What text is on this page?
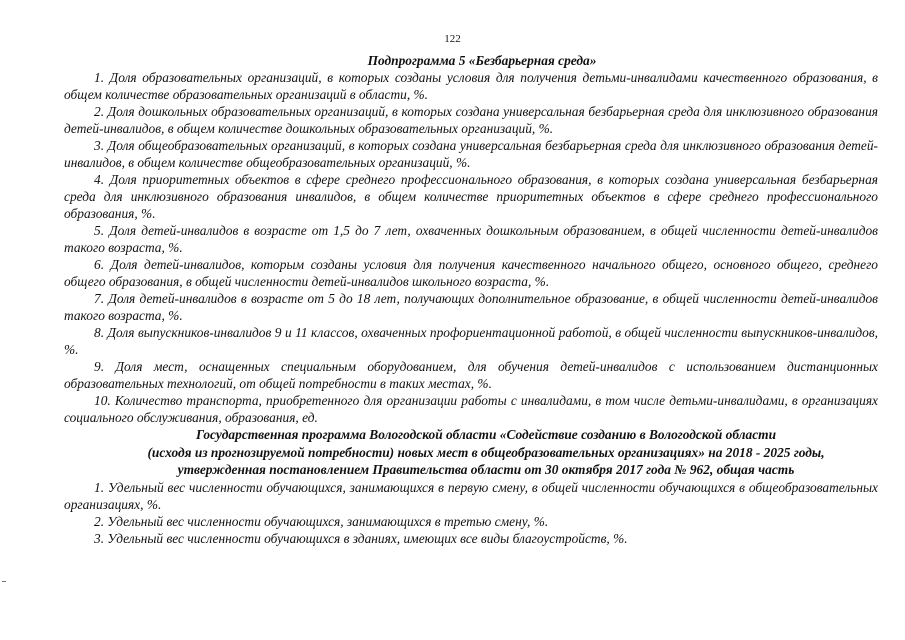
122

Подпрограмма 5 «Безбарьерная среда»

1. Доля образовательных организаций, в которых созданы условия для получения детьми-инвалидами качественного образования, в общем количестве образовательных организаций в области, %.

2. Доля дошкольных образовательных организаций, в которых создана универсальная безбарьерная среда для инклюзивного образования детей-инвалидов, в общем количестве дошкольных образовательных организаций, %.

3. Доля общеобразовательных организаций, в которых создана универсальная безбарьерная среда для инклюзивного образования детей-инвалидов, в общем количестве общеобразовательных организаций, %.

4. Доля приоритетных объектов в сфере среднего профессионального образования, в которых создана универсальная безбарьерная среда для инклюзивного образования инвалидов, в общем количестве приоритетных объектов в сфере среднего профессионального образования, %.

5. Доля детей-инвалидов в возрасте от 1,5 до 7 лет, охваченных дошкольным образованием, в общей численности детей-инвалидов такого возраста, %.

6. Доля детей-инвалидов, которым созданы условия для получения качественного начального общего, основного общего, среднего общего образования, в общей численности детей-инвалидов школьного возраста, %.

7. Доля детей-инвалидов в возрасте от 5 до 18 лет, получающих дополнительное образование, в общей численности детей-инвалидов такого возраста, %.

8. Доля выпускников-инвалидов 9 и 11 классов, охваченных профориентационной работой, в общей численности выпускников-инвалидов, %.

9. Доля мест, оснащенных специальным оборудованием, для обучения детей-инвалидов с использованием дистанционных образовательных технологий, от общей потребности в таких местах, %.

10. Количество транспорта, приобретенного для организации работы с инвалидами, в том числе детьми-инвалидами, в организациях социального обслуживания, образования, ед.

Государственная программа Вологодской области «Содействие созданию в Вологодской области
(исходя из прогнозируемой потребности) новых мест в общеобразовательных организациях» на 2018 - 2025 годы,
утвержденная постановлением Правительства области от 30 октября 2017 года № 962, общая часть

1. Удельный вес численности обучающихся, занимающихся в первую смену, в общей численности обучающихся в общеобразовательных организациях, %.

2. Удельный вес численности обучающихся, занимающихся в третью смену, %.

3. Удельный вес численности обучающихся в зданиях, имеющих все виды благоустройств, %.
